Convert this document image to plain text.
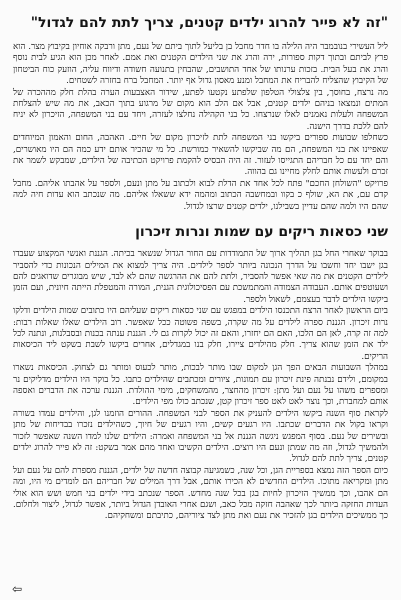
"זה לא פייר להרוג ילדים קטנים, צריך לתת להם לגדול"

ליל העשירי בנובמבר היה הלילה בו חדר מחבל בן בליעל לתוך ביתם של נעם, מתן ורבקה אוחיון בקיבוץ מצר. הוא פרץ לביתם ובתוך דקות ספורות, ירה והרג את שני הילדים הקטנים ואת אמם. לאחר מכן הוא הגיע לבית נוסף והרג את בעל הבית. בזכות ערנותו של אחד התושבים, שהבחין בתנועה חשודה ודיווח עליה, הוזעק כוח הביטחון של הקיבוץ שהצליח להבריח את המחבל ומנע מאסון גדול אף יותר. המחבל ברח בחזרה לשטחים.

מה נרצח, בחוסך, בין צלצולי הטלפון שלפתע נקטעו לפתע, שידור האצבעות הערה בהלת חלק מההכרה של המתים ונמצאו בניהם ילדים קטנים, אבל אם הלב הוא מקום של מרגוע בתוך הכאב, את מה שיש להצלחת המשפחה ולעלות נאמנים לאלו שנרצחו. כל בני הקהילה נחלצו לעזרה, ויחד עם בני המשפחה, הזיכרון לא יניח להם ללכת בדרך הישנה.

כשחלפו שבועות ספורים ביקשו בני המשפחה לתת לזיכרון מקום של חיים. האהבה, החום והאמון המיוחדים שאפיינו את בני המשפחה, הם מה שביקשו להשאיר כמורשת. כל מי שהכיר אותם ידע כמה הם היו מאושרים, והם יחד עם כל חבריהם התגייסו לעזור. זה היה הבסיס להקמת פרויקט הכתיבה של הילדים, שמבקש לשמר את זכרם ולעשות אותם לחלק מחיינו גם בהווה.

פרויקט "השולחן החכם" פתח לכל אחד את הדלת לבוא ולכתוב על מתן ונעם, ולספר על אהבתו אליהם. מחבל קדם עם, את הא, שולף כ בקוו ובמחשבה הכתוב ומהמה ידא ששאלו אליהם. מה שנכתב הוא עדות חיה למה שהם היו ולמה שהם עדיין בשבילנו, ילדים קטנים שרצו לגדול.

שני כסאות ריקים עם שמות ונרות זיכרון

בבוקר שאחרי החל בגן תהליך ארוך של התמודדות עם החור הגדול שנשאר בכיתה. הגננת ואנשי המקצוע שעבדו בגן ישבו יחד וחשבו על הדרך הנכונה ביותר לספר לילדים. היה צריך למצוא את המילים הנכונות כדי להסביר לילדים הקטנים את מה שאי אפשר להסביר, ולתת להם את ההרגשה שהם לא לבד, שיש מבוגרים שדואגים להם ושעוטפים אותם. העבודה הצמודה והמתמשכת עם הפסיכולוגית הגנית, המורה והמטפלת הייתה חיונית, ועם הזמן ביקשו הילדים לדבר בעצמם, לשאול ולספר.

ביום הראשון לאחר הרצח התכנסו הילדים במפגש עם שני כסאות ריקים שעליהם היו כתובים שמות הילדים ודלקו נרות זיכרון. הגננת ספרה לילדים על מה שקרה, בשפה פשוטה ככל שאפשר. רוב הילדים שאלו שאלות רבות: למה זה קרה, לאן הם הלכו, האם הם יחזרו, והאם זה יכול לקרות גם לי. הגננת ענתה בכנות ובסבלנות, ונתנה לכל ילד את הזמן שהוא צריך. חלק מהילדים ציירו, חלק בנו במגדלים, אחרים ביקשו לשבת בשקט ליד הכיסאות הריקים.

במהלך השבועות הבאים הפך הגן למקום שבו מותר לבכות, מותר לכעוס ומותר גם לצחוק. הכיסאות נשארו במקומם, ולידם נבנתה פינת זיכרון עם תמונות, ציורים ומכתבים שהילדים כתבו. כל בוקר היו הילדים מדליקים נר ומספרים משהו על נעם ועל מתן: זיכרון מהחצר, מהמשחקים, מימי ההולדת. הגננת ערכה את הדברים ואספה אותם למחברת, וכך נוצר לאט לאט ספר זיכרון קטן, שנכתב כולו מפי הילדים.

לקראת סוף השנה ביקשו הילדים להעניק את הספר לבני המשפחה. ההורים הוזמנו לגן, והילדים עמדו בשורה וקראו בקול את הדברים שכתבו. היו רגעים קשים, והיו רגעים של חיוך, כשהילדים נזכרו בבדיחות של מתן ובשירים של נעם. בסוף המפגש ניגשה הגננת אל בני המשפחה ואמרה: הילדים שלנו למדו השנה שאפשר לזכור ולהמשיך לגדול, וזה מה שמתן ונעם היו רוצים. הילדים הקשיבו ואחד מהם אמר בשקט: זה לא פייר להרוג ילדים קטנים, צריך לתת להם לגדול.

כיום הספר הזה נמצא בספריית הגן, וכל שנה, כשמגיעה קבוצה חדשה של ילדים, הגננת מספרת להם על נעם ועל מתן ומקריאה מתוכו. הילדים החדשים לא הכירו אותם, אבל דרך המילים של חבריהם הם לומדים מי היו, ומה הם אהבו, וכך ממשיך הזיכרון לחיות בגן בכל שנה מחדש. הספר שנכתב בידי ילדים בני חמש ושש הוא אולי העדות החזקה ביותר לכך שאהבה חזקה מכל כאב, ושגם אחרי האובדן הגדול ביותר, אפשר לגדול, ליצור ולחלום. כך ממשיכים הילדים בגן להזכיר את נעם ואת מתן לצד ציוריהם, כתיבתם ומשחקיהם.

⇦
